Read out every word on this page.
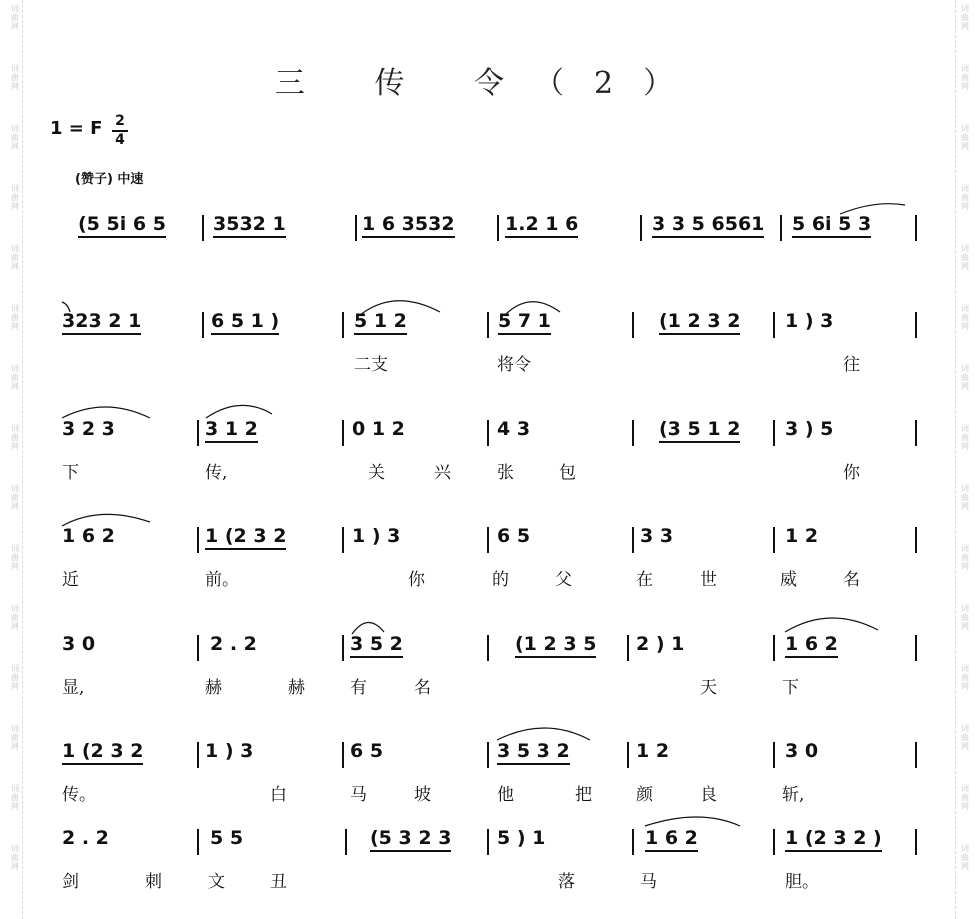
词
曲
网
词
曲
网
词
曲
网
词
曲
网
词
曲
网
词
曲
网
词
曲
网
词
曲
网
词
曲
网
词
曲
网
词
曲
网
词
曲
网
词
曲
网
词
曲
网
词
曲
网
词
曲
网
词
曲
网
词
曲
网
词
曲
网
词
曲
网
词
曲
网
词
曲
网
词
曲
网
词
曲
网
词
曲
网
词
曲
网
词
曲
网
词
曲
网
词
曲
网
词
曲
网
三 传 令（2）
1 = F 2
4
(赞子) 中速
(5 5i 6 5 3532 1	1 6 3532	1.2 1 6	3 3 5 6561 5 6i 5 3
323 2 1	6 5 1 )	5 1 2	5 7 1	(1 2 3 2 1 ) 3
二支	将令	往
3 2 3	3 1 2	0 1 2	4 3	(3 5 1 2 3 ) 5
下	传,	关	兴	张	包	你
1 6 2	1 (2 3 2	1 ) 3	6 5	3 3	1 2
近	前。	你	的	父	在	世	威	名
3 0	2 . 2	3 5 2	(1 2 3 5 2 ) 1	1 6 2
显,	赫	赫	有	名	天	下
1 (2 3 2	1 ) 3	6 5	3 5 3 2	1 2	3 0
传。	白	马	坡	他	把	颜	良	斩,
2 . 2	5 5	(5 3 2 3 5 ) 1	1 6 2	1 (2 3 2 )
剑	刺	文	丑	落	马	胆。
